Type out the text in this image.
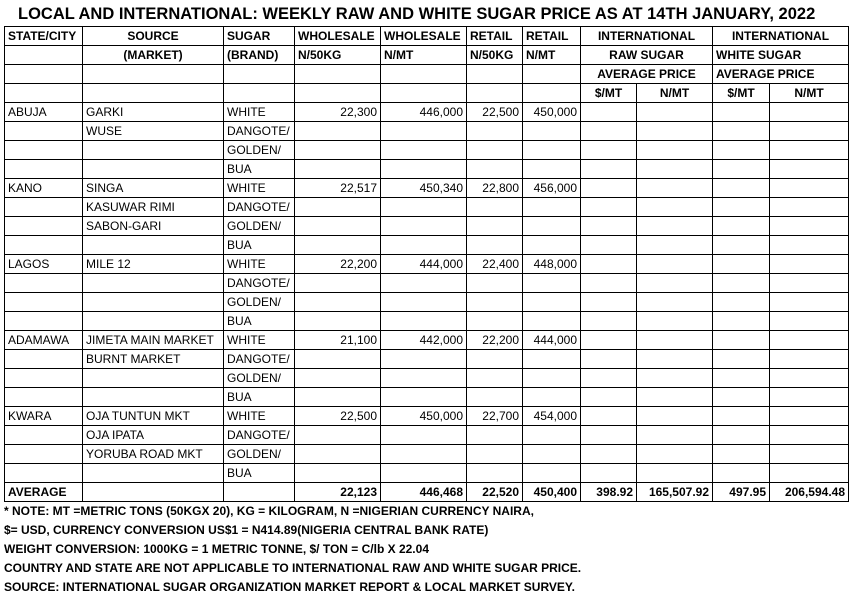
LOCAL AND INTERNATIONAL: WEEKLY RAW AND WHITE SUGAR PRICE AS AT 14TH JANUARY, 2022
STATE/CITY	SOURCE	SUGAR	WHOLESALE	WHOLESALE	RETAIL	RETAIL	INTERNATIONAL		INTERNATIONAL	
	(MARKET)	(BRAND)	N/50KG	N/MT	N/50KG	N/MT	RAW SUGAR		WHITE SUGAR	
							AVERAGE PRICE		AVERAGE PRICE	
							$/MT	N/MT	$/MT	N/MT
ABUJA	GARKI	WHITE	22,300	446,000	22,500	450,000				
	WUSE	DANGOTE/								
		GOLDEN/								
		BUA								
KANO	SINGA	WHITE	22,517	450,340	22,800	456,000				
	KASUWAR RIMI	DANGOTE/								
	SABON-GARI	GOLDEN/								
		BUA								
LAGOS	MILE 12	WHITE	22,200	444,000	22,400	448,000				
		DANGOTE/								
		GOLDEN/								
		BUA								
ADAMAWA	JIMETA MAIN MARKET	WHITE	21,100	442,000	22,200	444,000				
	BURNT MARKET	DANGOTE/								
		GOLDEN/								
		BUA								
KWARA	OJA TUNTUN MKT	WHITE	22,500	450,000	22,700	454,000				
	OJA IPATA	DANGOTE/								
	YORUBA ROAD MKT	GOLDEN/								
		BUA								
AVERAGE			22,123	446,468	22,520	450,400	398.92	165,507.92	497.95	206,594.48
* NOTE: MT =METRIC TONS (50KGX 20), KG = KILOGRAM, N =NIGERIAN CURRENCY NAIRA,
$= USD, CURRENCY CONVERSION US$1 = N414.89(NIGERIA CENTRAL BANK RATE)
WEIGHT CONVERSION: 1000KG = 1 METRIC TONNE, $/ TON = C/lb X 22.04
COUNTRY AND STATE ARE NOT APPLICABLE TO INTERNATIONAL RAW AND WHITE SUGAR PRICE.
SOURCE: INTERNATIONAL SUGAR ORGANIZATION MARKET REPORT & LOCAL MARKET SURVEY.
